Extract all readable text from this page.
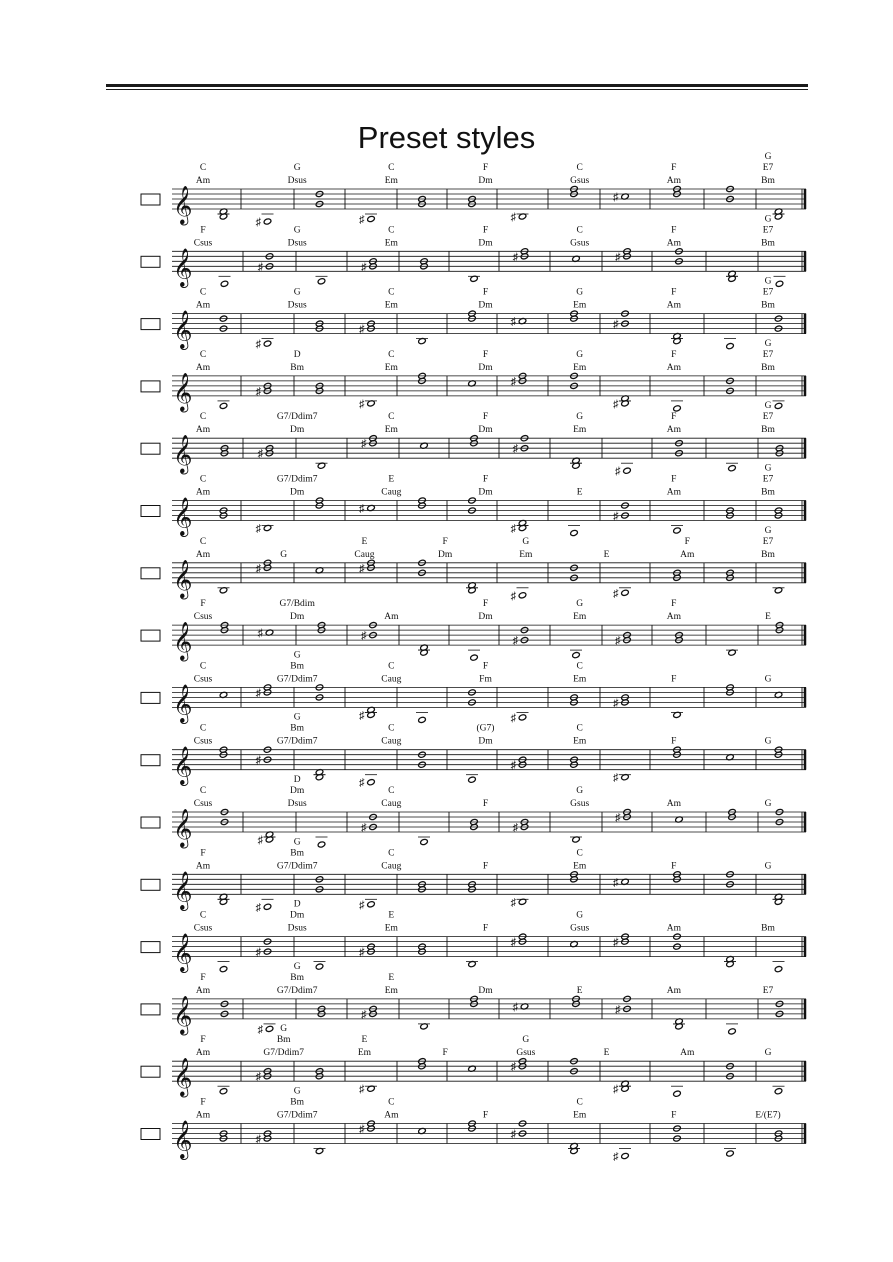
Preset styles
𝄞	♯	♯	♯
♯
C
Am
G
Dsus
C
Em
F
Dm
C
Gsus
F
Am
G
E7
Bm
𝄞	♯	♯
♯	♯
F
Csus
G
Dsus
C
Em
F
Dm
C
Gsus
F
Am
G
E7
Bm
𝄞	♯
♯
♯	♯
C
Am
G
Dsus
C
Em
F
Dm
G
Em
F
Am
G
E7
Bm
𝄞	♯
♯
♯
♯
C
Am
D
Bm
C
Em
F
Dm
G
Em
F
Am
G
E7
Bm
𝄞	♯
♯	♯
♯
C
Am
G7/Ddim7
Dm
C
Em
F
Dm
G
Em
F
Am
G
E7
Bm
𝄞	♯
♯
♯
♯
C
Am
G7/Ddim7
Dm
E
Caug
F
Dm	E
F
Am
G
E7
Bm
𝄞	♯	♯
♯	♯
C
Am	G
E
Caug
F
Dm
G
Em	E
F
Am
G
E7
Bm
𝄞	♯	♯	♯	♯
F
Csus
G7/Bdim
Dm	Am
F
Dm
G
Em
F
Am	E
𝄞	♯
♯	♯
♯
C
Csus
G
Bm
G7/Ddim7
C
Caug
F
Fm
C
Em	F	G
𝄞	♯
♯
♯
♯
C
Csus
G
Bm
G7/Ddim7
C
Caug
(G7)
Dm
C
Em	F	G
𝄞	♯
♯	♯
♯
C
Csus
D
Dm
Dsus
C
Caug	F
G
Gsus	Am	G
𝄞	♯	♯	♯
♯
F
Am
G
Bm
G7/Ddim7
C
Caug	F
C
Em	F	G
𝄞	♯	♯
♯	♯
C
Csus
D
Dm
Dsus
E
Em	F
G
Gsus	Am	Bm
𝄞	♯
♯
♯	♯
F
Am
G
Bm
G7/Ddim7
E
Em	Dm	E	Am	E7
𝄞	♯
♯
♯
♯
F
Am
G
Bm
G7/Ddim7
E
Em	F
G
Gsus	E	Am	G
𝄞	♯
♯	♯
♯
F
Am
G
Bm
G7/Ddim7
C
Am	F
C
Em	F	E/(E7)
